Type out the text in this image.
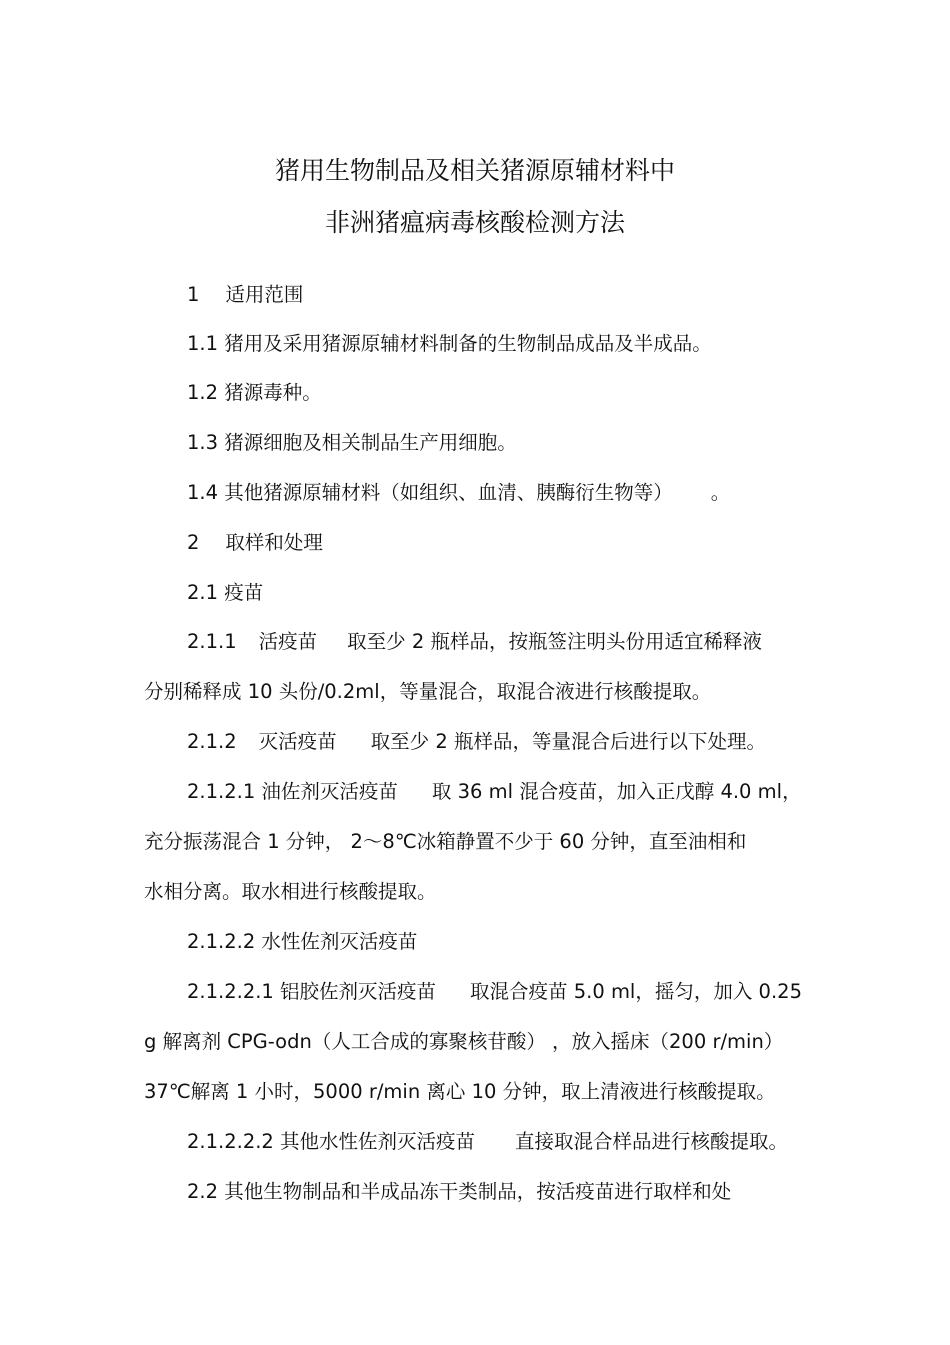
猪用生物制品及相关猪源原辅材料中
非洲猪瘟病毒核酸检测方法
1 适用范围
1.1 猪用及采用猪源原辅材料制备的生物制品成品及半成品。
1.2 猪源毒种。
1.3 猪源细胞及相关制品生产用细胞。
1.4 其他猪源原辅材料（如组织、血清、胰酶衍生物等） 。
2 取样和处理
2.1 疫苗
2.1.1 活疫苗 取至少 2 瓶样品，按瓶签注明头份用适宜稀释液
分别稀释成 10 头份/0.2ml，等量混合，取混合液进行核酸提取。
2.1.2 灭活疫苗 取至少 2 瓶样品，等量混合后进行以下处理。
2.1.2.1 油佐剂灭活疫苗 取 36 ml 混合疫苗，加入正戊醇 4.0 ml，
充分振荡混合 1 分钟， 2～8℃冰箱静置不少于 60 分钟，直至油相和
水相分离。取水相进行核酸提取。
2.1.2.2 水性佐剂灭活疫苗
2.1.2.2.1 铝胶佐剂灭活疫苗 取混合疫苗 5.0 ml，摇匀，加入 0.25
g 解离剂 CPG-odn（人工合成的寡聚核苷酸） ，放入摇床（200 r/min）
37℃解离 1 小时，5000 r/min 离心 10 分钟，取上清液进行核酸提取。
2.1.2.2.2 其他水性佐剂灭活疫苗 直接取混合样品进行核酸提取。
2.2 其他生物制品和半成品冻干类制品，按活疫苗进行取样和处
